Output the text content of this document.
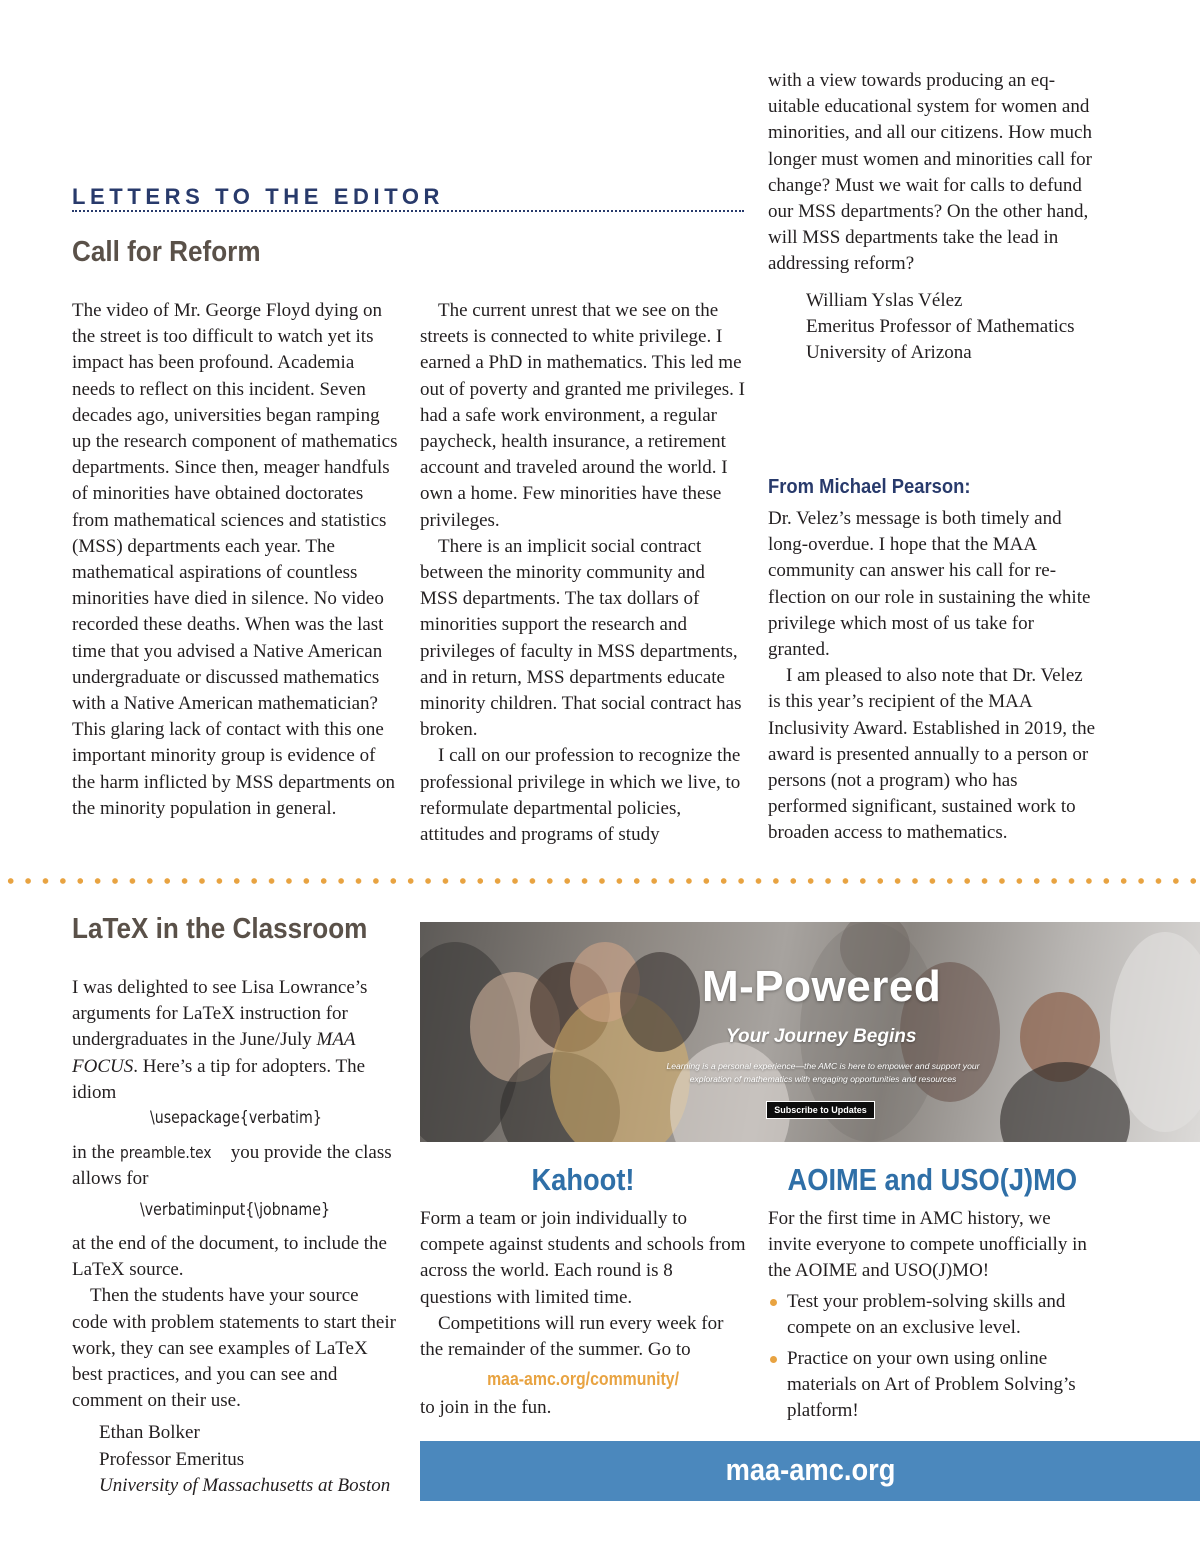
LETTERS TO THE EDITOR
Call for Reform

The video of Mr. George Floyd dying on the street is too difficult to watch yet its impact has been profound. Academia needs to reflect on this incident. Seven decades ago, universities began ramping up the research component of mathematics departments. Since then, meager handfuls of minorities have obtained doctorates from mathematical sciences and statistics (MSS) departments each year. The mathematical aspirations of countless minorities have died in silence. No video recorded these deaths. When was the last time that you advised a Native American undergraduate or discussed mathematics with a Native American mathematician? This glaring lack of contact with this one important minority group is evidence of the harm inflicted by MSS departments on the minority population in general.

The current unrest that we see on the streets is connected to white privilege. I earned a PhD in mathematics. This led me out of poverty and granted me privileges. I had a safe work environment, a regular paycheck, health insurance, a retirement account and traveled around the world. I own a home. Few minorities have these privileges.

There is an implicit social contract between the minority community and MSS departments. The tax dollars of minorities support the research and privileges of faculty in MSS departments, and in return, MSS departments educate minority children. That social contract has broken.

I call on our profession to recognize the professional privilege in which we live, to reformulate departmental policies, attitudes and programs of study

with a view towards producing an equitable educational system for women and minorities, and all our citizens. How much longer must women and minorities call for change? Must we wait for calls to defund our MSS departments? On the other hand, will MSS departments take the lead in addressing reform?

William Yslas Vélez
Emeritus Professor of Mathematics
University of Arizona
From Michael Pearson:

Dr. Velez’s message is both timely and long-overdue. I hope that the MAA community can answer his call for reflection on our role in sustaining the white privilege which most of us take for granted.

I am pleased to also note that Dr. Velez is this year’s recipient of the MAA Inclusivity Award. Established in 2019, the award is presented annually to a person or persons (not a program) who has performed significant, sustained work to broaden access to mathematics.

LaTeX in the Classroom

I was delighted to see Lisa Lowrance’s arguments for LaTeX instruction for undergraduates in the June/July MAA FOCUS. Here’s a tip for adopters. The idiom

\usepackage{verbatim}

in the preamble.tex you provide the class allows for

\verbatiminput{\jobname}

at the end of the document, to include the LaTeX source.

Then the students have your source code with problem statements to start their work, they can see examples of LaTeX best practices, and you can see and comment on their use.

Ethan Bolker
Professor Emeritus
University of Massachusetts at Boston
M-Powered
Your Journey Begins
Learning is a personal experience—the AMC is here to empower and support your exploration of mathematics with engaging opportunities and resources
Subscribe to Updates
Kahoot!

Form a team or join individually to compete against students and schools from across the world. Each round is 8 questions with limited time.

Competitions will run every week for the remainder of the summer. Go to

maa-amc.org/community/

to join in the fun.

AOIME and USO(J)MO

For the first time in AMC history, we invite everyone to compete unofficially in the AOIME and USO(J)MO!

Test your problem-solving skills and compete on an exclusive level.
Practice on your own using online materials on Art of Problem Solving’s platform!
maa-amc.org
